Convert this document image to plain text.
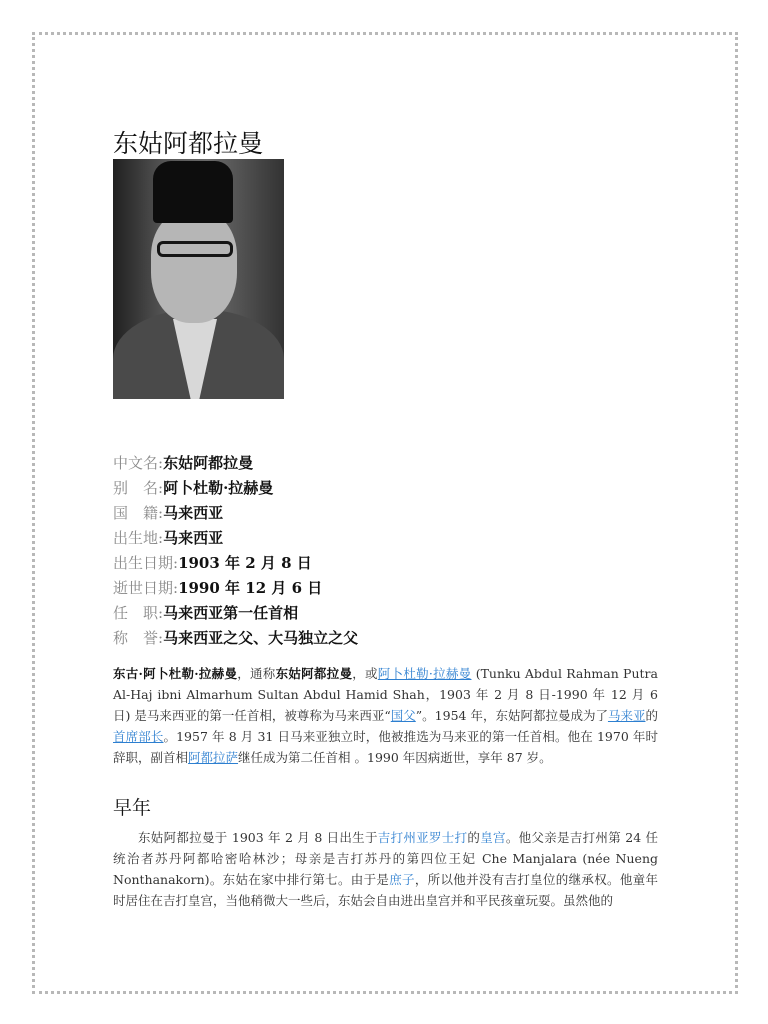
东姑阿都拉曼
中文名:东姑阿都拉曼
别　名:阿卜杜勒·拉赫曼
国　籍:马来西亚
出生地:马来西亚
出生日期:1903 年 2 月 8 日
逝世日期:1990 年 12 月 6 日
任　职:马来西亚第一任首相
称　誉:马来西亚之父、大马独立之父

东古·阿卜杜勒·拉赫曼，通称东姑阿都拉曼，或阿卜杜勒·拉赫曼 (Tunku Abdul Rahman Putra Al-Haj ibni Almarhum Sultan Abdul Hamid Shah，1903 年 2 月 8 日-1990 年 12 月 6 日) 是马来西亚的第一任首相，被尊称为马来西亚“国父”。1954 年，东姑阿都拉曼成为了马来亚的首席部长。1957 年 8 月 31 日马来亚独立时，他被推选为马来亚的第一任首相。他在 1970 年时辞职，副首相阿都拉萨继任成为第二任首相 。1990 年因病逝世，享年 87 岁。

早年

东姑阿都拉曼于 1903 年 2 月 8 日出生于吉打州亚罗士打的皇宫。他父亲是吉打州第 24 任统治者苏丹阿都哈密哈林沙；母亲是吉打苏丹的第四位王妃 Che Manjalara (née Nueng Nonthanakorn)。东姑在家中排行第七。由于是庶子，所以他并没有吉打皇位的继承权。他童年时居住在吉打皇宫，当他稍微大一些后，东姑会自由进出皇宫并和平民孩童玩耍。虽然他的
